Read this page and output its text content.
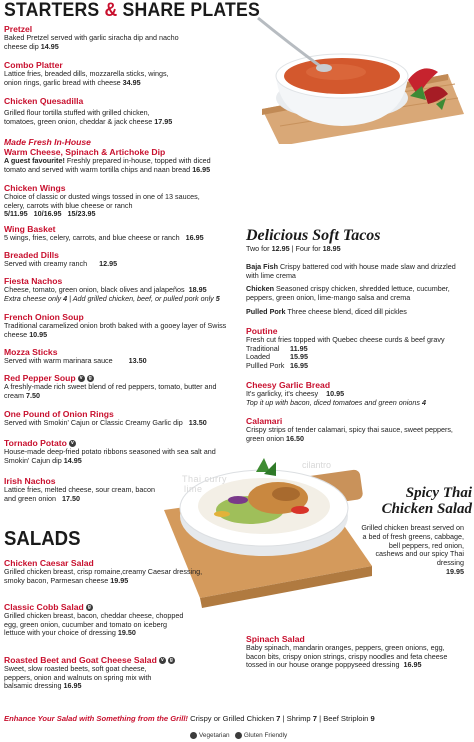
STARTERS & SHARE PLATES
Pretzel
Baked Pretzel served with garlic siracha dip and nacho cheese dip 14.95
Combo Platter
Lattice fries, breaded dills, mozzarella sticks, wings, onion rings, garlic bread with cheese 34.95
Chicken Quesadilla
Grilled flour tortilla stuffed with grilled chicken, tomatoes, green onion, cheddar & jack cheese 17.95
Made Fresh In-House
Warm Cheese, Spinach & Artichoke Dip
A guest favourite! Freshly prepared in-house, topped with diced tomato and served with warm tortilla chips and naan bread 16.95
Chicken Wings
Choice of classic or dusted wings tossed in one of 13 sauces, celery, carrots with blue cheese or ranch
5/11.95   10/16.95   15/23.95
Wing Basket
5 wings, fries, celery, carrots, and blue cheese or ranch 16.95
Breaded Dills
Served with creamy ranch 12.95
Fiesta Nachos
Cheese, tomato, green onion, black olives and jalapeños 18.95
Extra cheese only 4 | Add grilled chicken, beef, or pulled pork only 5
French Onion Soup
Traditional caramelized onion broth baked with a gooey layer of Swiss cheese 10.95
Mozza Sticks
Served with warm marinara sauce 13.50
Red Pepper Soup v g
A freshly-made rich sweet blend of red peppers, tomato, butter and cream 7.50
One Pound of Onion Rings
Served with Smokin' Cajun or Classic Creamy Garlic dip 13.50
Tornado Potato v
House-made deep-fried potato ribbons seasoned with sea salt and Smokin' Cajun dip 14.95
Irish Nachos
Lattice fries, melted cheese, sour cream, bacon and green onion 17.50
Delicious Soft Tacos
Two for 12.95 | Four for 18.95
Baja Fish Crispy battered cod with house made slaw and drizzled with lime crema
Chicken Seasoned crispy chicken, shredded lettuce, cucumber, peppers, green onion, lime-mango salsa and crema
Pulled Pork Three cheese blend, diced dill pickles
Poutine
Fresh cut fries topped with Quebec cheese curds & beef gravy
Traditional 11.95
Loaded	15.95
Pullled Pork 16.95
Cheesy Garlic Bread
It's garlicky, it's cheesy 10.95
Top it up with bacon, diced tomatoes and green onions 4
Calamari
Crispy strips of tender calamari, spicy thai sauce, sweet peppers, green onion 16.50
Thai curry
lime
cilantro
Spicy Thai
Chicken Salad
Grilled chicken breast served on a bed of fresh greens, cabbage, bell peppers, red onion, cashews and our spicy Thai dressing
19.95
SALADS
Chicken Caesar Salad
Grilled chicken breast, crisp romaine,creamy Caesar dressing, smoky bacon, Parmesan cheese 19.95
Classic Cobb Salad g
Grilled chicken breast, bacon, cheddar cheese, chopped egg, green onion, cucumber and tomato on iceberg lettuce with your choice of dressing 19.50
Roasted Beet and Goat Cheese Salad v g
Sweet, slow roasted beets, soft goat cheese, peppers, onion and walnuts on spring mix with balsamic dressing 16.95
Spinach Salad
Baby spinach, mandarin oranges, peppers, green onions, egg, bacon bits, crispy onion strings, crispy noodles and feta cheese tossed in our house orange poppyseed dressing 16.95
Enhance Your Salad with Something from the Grill! Crispy or Grilled Chicken 7 | Shrimp 7 | Beef Striploin 9
Vegetarian Gluten Friendly
